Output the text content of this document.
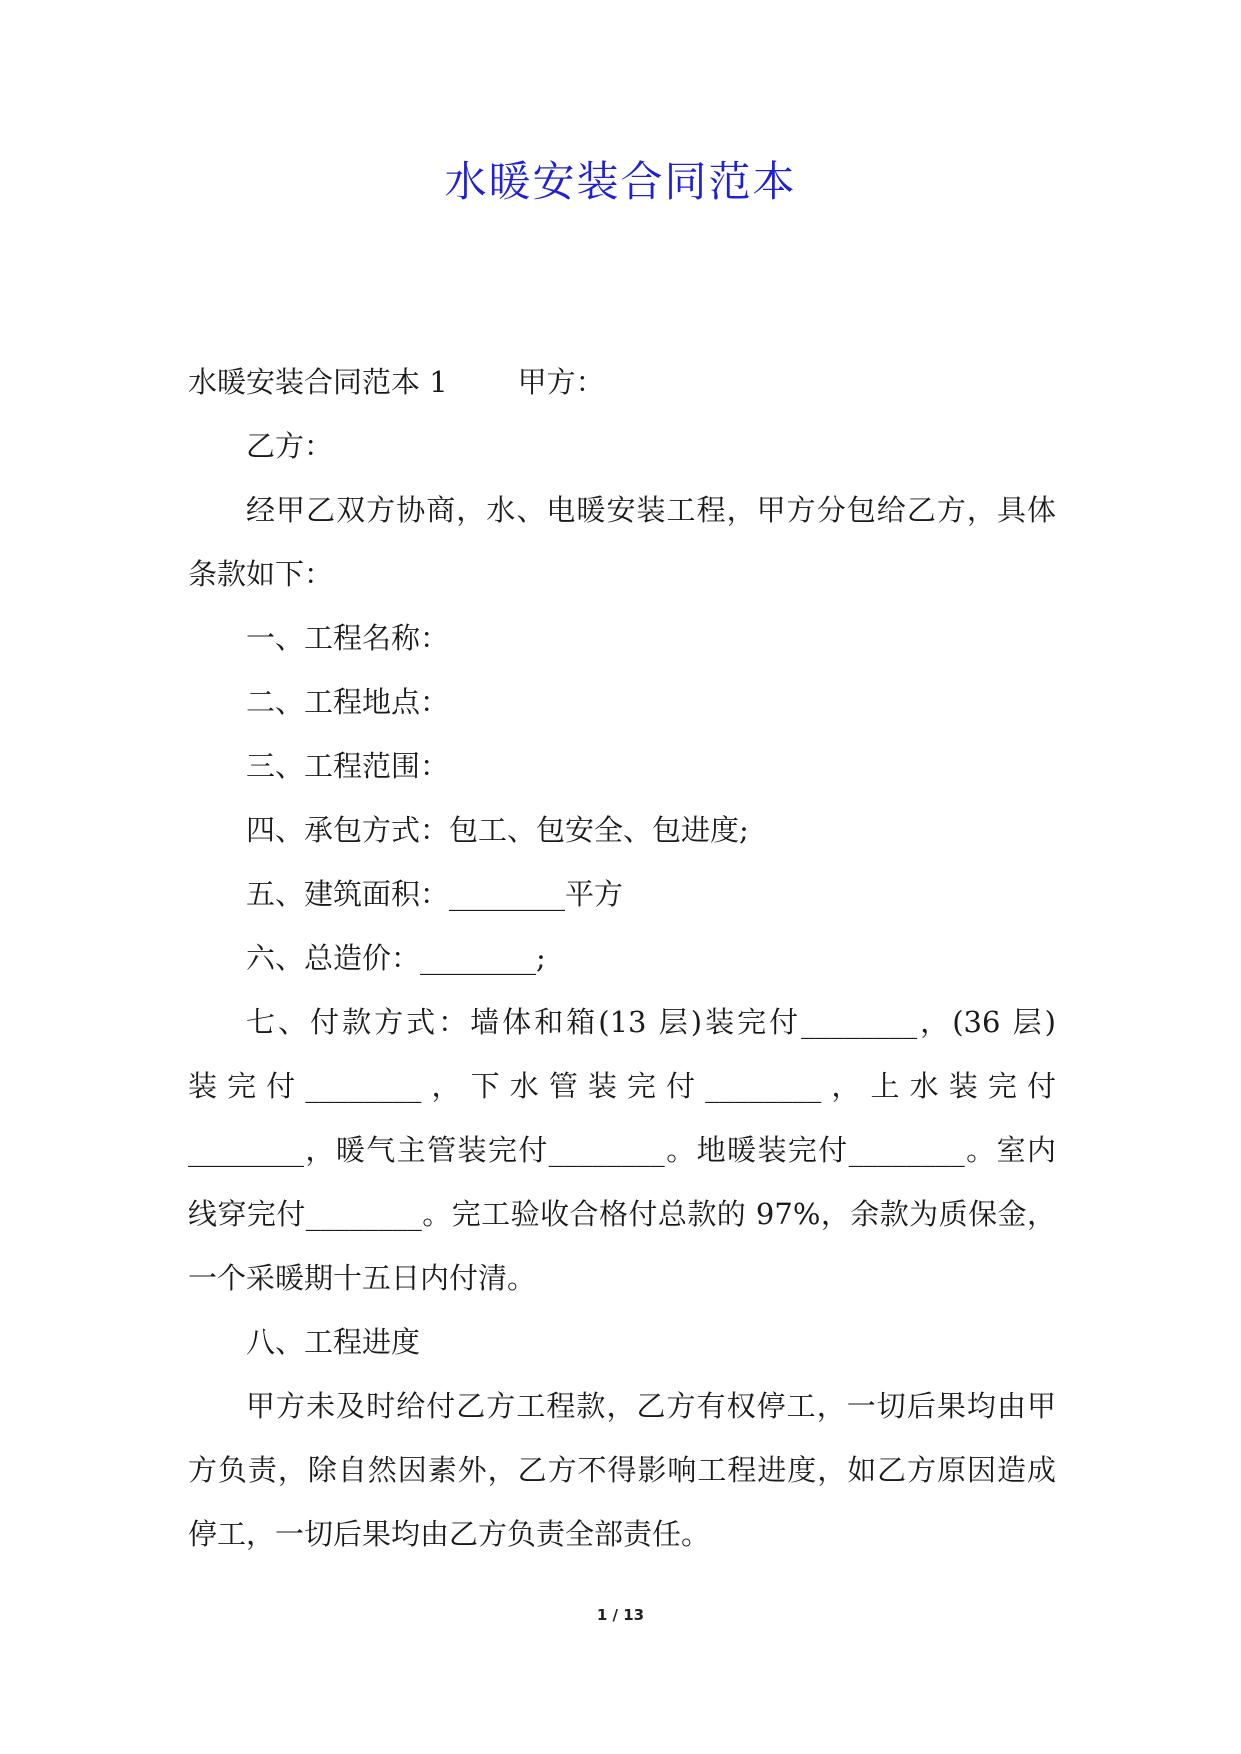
水暖安装合同范本

水暖安装合同范本 1 甲方：

乙方：

经甲乙双方协商，水、电暖安装工程，甲方分包给乙方，具体条款如下：

一、工程名称：

二、工程地点：

三、工程范围：

四、承包方式：包工、包安全、包进度;

五、建筑面积：________平方

六、总造价：________;

七、付款方式：墙体和箱(13 层)装完付________，(36 层)

装完付________，下水管装完付________，上水装完付

________，暖气主管装完付________。地暖装完付________。室内线穿完付________。完工验收合格付总款的 97%，余款为质保金，一个采暖期十五日内付清。

八、工程进度

甲方未及时给付乙方工程款，乙方有权停工，一切后果均由甲方负责，除自然因素外，乙方不得影响工程进度，如乙方原因造成停工，一切后果均由乙方负责全部责任。

1 / 13
